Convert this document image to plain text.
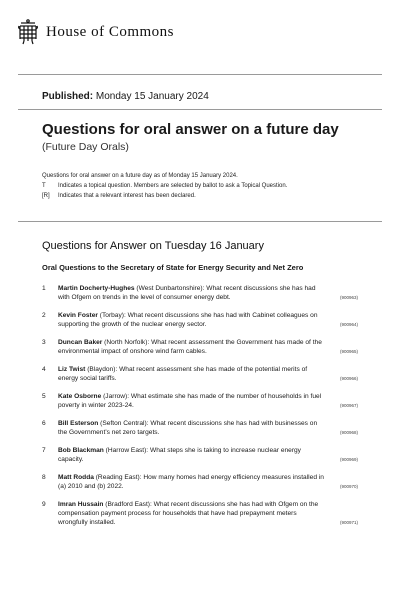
House of Commons
Published: Monday 15 January 2024
Questions for oral answer on a future day
(Future Day Orals)
Questions for oral answer on a future day as of Monday 15 January 2024.
T	Indicates a topical question. Members are selected by ballot to ask a Topical Question.
[R]	Indicates that a relevant interest has been declared.
Questions for Answer on Tuesday 16 January
Oral Questions to the Secretary of State for Energy Security and Net Zero
1	Martin Docherty-Hughes (West Dunbartonshire): What recent discussions she has had with Ofgem on trends in the level of consumer energy debt.	(900963)
2	Kevin Foster (Torbay): What recent discussions she has had with Cabinet colleagues on supporting the growth of the nuclear energy sector.	(900964)
3	Duncan Baker (North Norfolk): What recent assessment the Government has made of the environmental impact of onshore wind farm cables.	(900965)
4	Liz Twist (Blaydon): What recent assessment she has made of the potential merits of energy social tariffs.	(900966)
5	Kate Osborne (Jarrow): What estimate she has made of the number of households in fuel poverty in winter 2023-24.	(900967)
6	Bill Esterson (Sefton Central): What recent discussions she has had with businesses on the Government’s net zero targets.	(900968)
7	Bob Blackman (Harrow East): What steps she is taking to increase nuclear energy capacity.	(900969)
8	Matt Rodda (Reading East): How many homes had energy efficiency measures installed in (a) 2010 and (b) 2022.	(900970)
9	Imran Hussain (Bradford East): What recent discussions she has had with Ofgem on the compensation payment process for households that have had prepayment meters wrongfully installed.	(900971)
